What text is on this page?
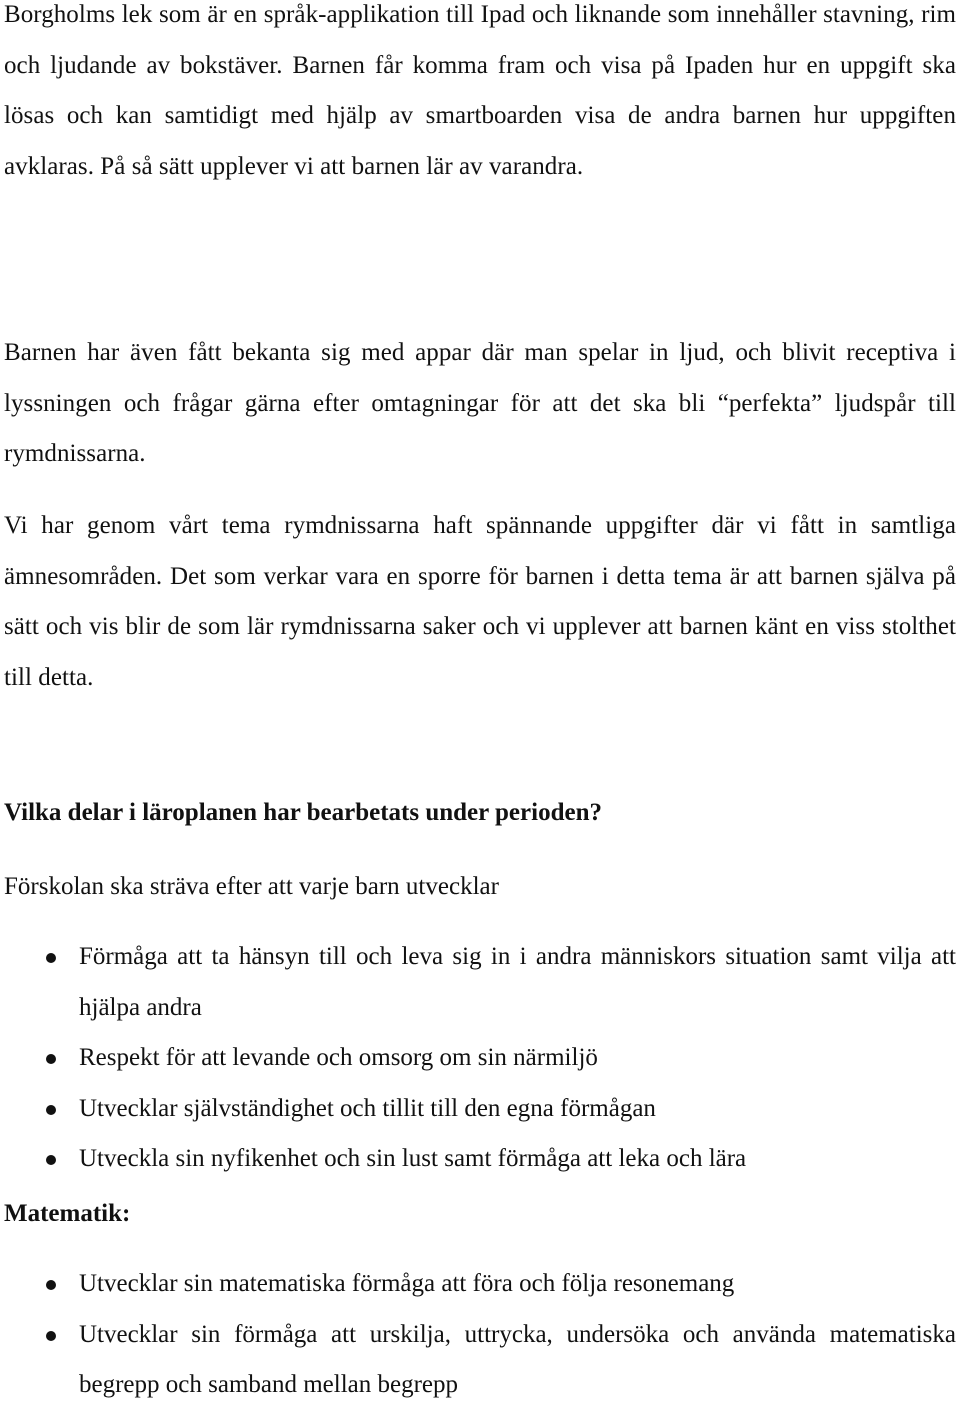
Borgholms lek som är en språk-applikation till Ipad och liknande som innehåller stavning, rim och ljudande av bokstäver. Barnen får komma fram och visa på Ipaden hur en uppgift ska lösas och kan samtidigt med hjälp av smartboarden visa de andra barnen hur uppgiften avklaras. På så sätt upplever vi att barnen lär av varandra.

Barnen har även fått bekanta sig med appar där man spelar in ljud, och blivit receptiva i lyssningen och frågar gärna efter omtagningar för att det ska bli “perfekta” ljudspår till rymdnissarna.

Vi har genom vårt tema rymdnissarna haft spännande uppgifter där vi fått in samtliga ämnesområden. Det som verkar vara en sporre för barnen i detta tema är att barnen själva på sätt och vis blir de som lär rymdnissarna saker och vi upplever att barnen känt en viss stolthet till detta.

Vilka delar i läroplanen har bearbetats under perioden?

Förskolan ska sträva efter att varje barn utvecklar

Förmåga att ta hänsyn till och leva sig in i andra människors situation samt vilja att hjälpa andra
Respekt för att levande och omsorg om sin närmiljö
Utvecklar självständighet och tillit till den egna förmågan
Utveckla sin nyfikenhet och sin lust samt förmåga att leka och lära
Matematik:
Utvecklar sin matematiska förmåga att föra och följa resonemang
Utvecklar sin förmåga att urskilja, uttrycka, undersöka och använda matematiska begrepp och samband mellan begrepp
